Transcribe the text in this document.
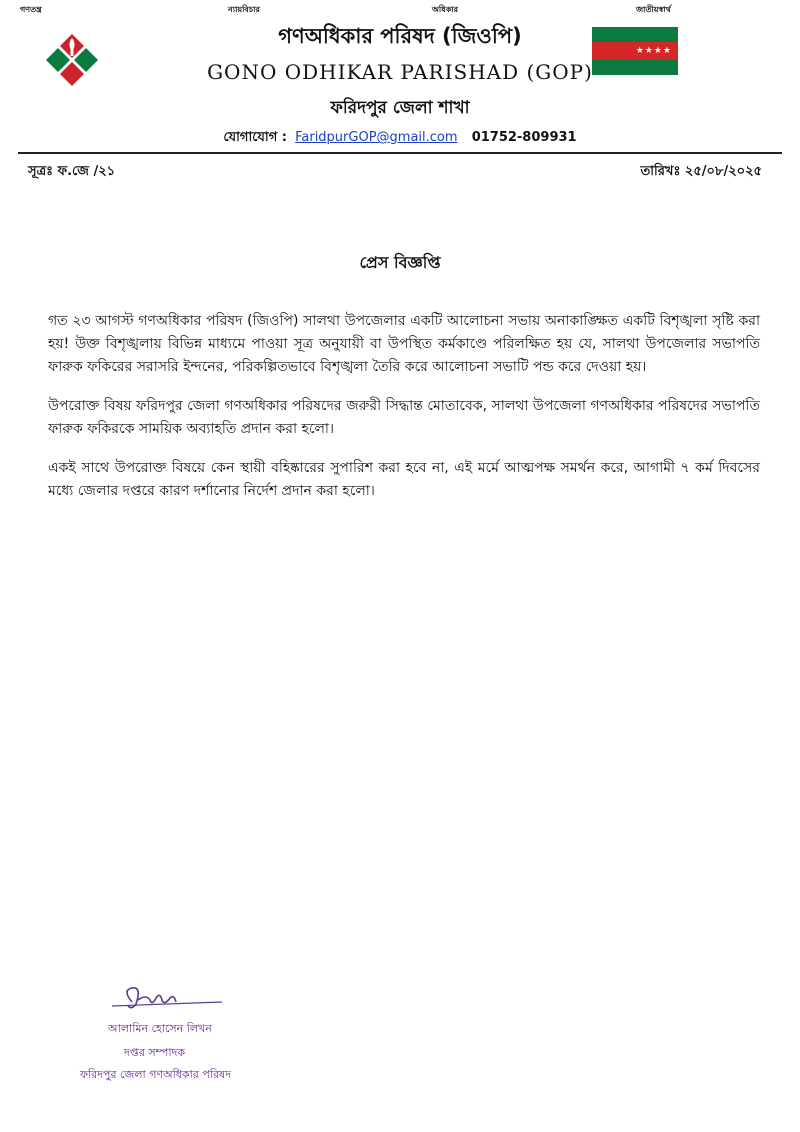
গণতন্ত্র	ন্যায়বিচার	অধিকার	জাতীয়স্বার্থ
★★★★
গণঅধিকার পরিষদ (জিওপি)
GONO ODHIKAR PARISHAD (GOP)
ফরিদপুর জেলা শাখা
যোগাযোগ : FaridpurGOP@gmail.com 01752-809931
সূত্রঃ ফ.জে /২১	তারিখঃ ২৫/০৮/২০২৫
প্রেস বিজ্ঞপ্তি

গত ২৩ আগস্ট গণঅধিকার পরিষদ (জিওপি) সালথা উপজেলার একটি আলোচনা সভায় অনাকাঙ্ক্ষিত একটি বিশৃঙ্খলা সৃষ্টি করা হয়! উক্ত বিশৃঙ্খলায় বিভিন্ন মাধ্যমে পাওয়া সূত্র অনুযায়ী বা উপস্থিত কর্মকাণ্ডে পরিলক্ষিত হয় যে, সালথা উপজেলার সভাপতি ফারুক ফকিরের সরাসরি ইন্দনের, পরিকল্পিতভাবে বিশৃঙ্খলা তৈরি করে আলোচনা সভাটি পন্ড করে দেওয়া হয়।

উপরোক্ত বিষয় ফরিদপুর জেলা গণঅধিকার পরিষদের জরুরী সিদ্ধান্ত মোতাবেক, সালথা উপজেলা গণঅধিকার পরিষদের সভাপতি ফারুক ফকিরকে সাময়িক অব্যাহতি প্রদান করা হলো।

একই সাথে উপরোক্ত বিষয়ে কেন স্থায়ী বহিষ্কারের সুপারিশ করা হবে না, এই মর্মে আত্মপক্ষ সমর্থন করে, আগামী ৭ কর্ম দিবসের মধ্যে জেলার দপ্তরে কারণ দর্শানোর নির্দেশ প্রদান করা হলো।

আলামিন হোসেন লিখন
দপ্তর সম্পাদক
ফরিদপুর জেলা গণঅধিকার পরিষদ
